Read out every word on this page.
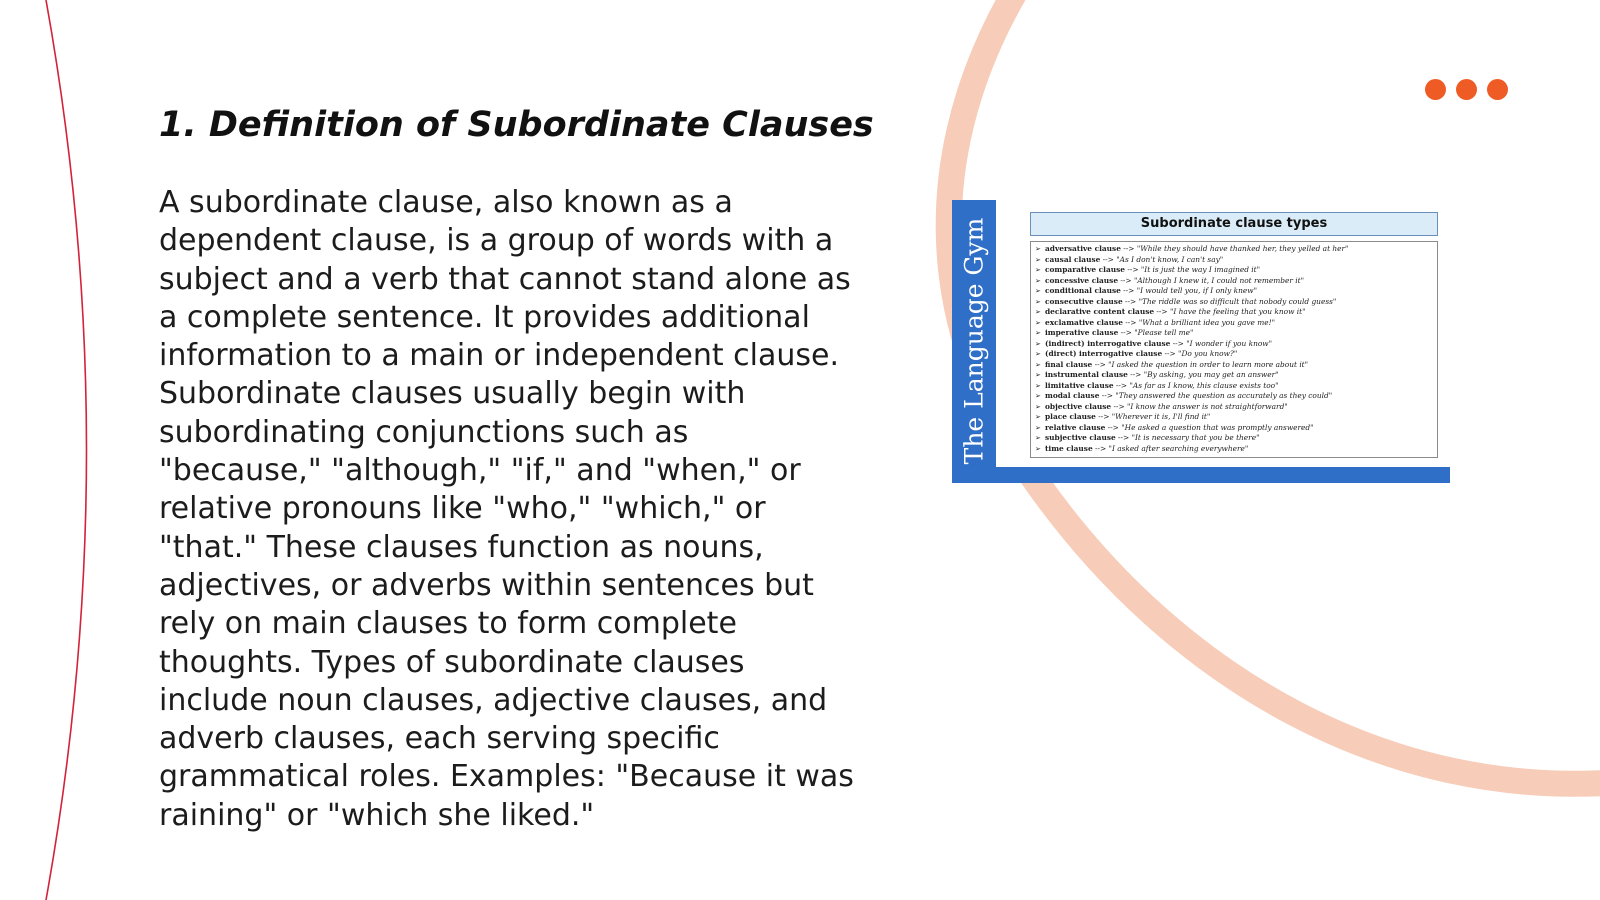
1. Definition of Subordinate Clauses

A subordinate clause, also known as a dependent clause, is a group of words with a subject and a verb that cannot stand alone as a complete sentence. It provides additional information to a main or independent clause. Subordinate clauses usually begin with subordinating conjunctions such as "because," "although," "if," and "when," or relative pronouns like "who," "which," or "that." These clauses function as nouns, adjectives, or adverbs within sentences but rely on main clauses to form complete thoughts. Types of subordinate clauses include noun clauses, adjective clauses, and adverb clauses, each serving specific grammatical roles. Examples: "Because it was raining" or "which she liked."

The Language Gym	Subordinate clause types
➢ adversative clause --> "While they should have thanked her, they yelled at her"
➢ causal clause --> "As I don't know, I can't say"
➢ comparative clause --> "It is just the way I imagined it"
➢ concessive clause --> "Although I knew it, I could not remember it"
➢ conditional clause --> "I would tell you, if I only knew"
➢ consecutive clause --> "The riddle was so difficult that nobody could guess"
➢ declarative content clause --> "I have the feeling that you know it"
➢ exclamative clause --> "What a brilliant idea you gave me!"
➢ imperative clause --> "Please tell me"
➢ (indirect) interrogative clause --> "I wonder if you know"
➢ (direct) interrogative clause --> "Do you know?"
➢ final clause --> "I asked the question in order to learn more about it"
➢ instrumental clause --> "By asking, you may get an answer"
➢ limitative clause --> "As far as I know, this clause exists too"
➢ modal clause --> "They answered the question as accurately as they could"
➢ objective clause --> "I know the answer is not straightforward"
➢ place clause --> "Wherever it is, I'll find it"
➢ relative clause --> "He asked a question that was promptly answered"
➢ subjective clause --> "It is necessary that you be there"
➢ time clause --> "I asked after searching everywhere"
